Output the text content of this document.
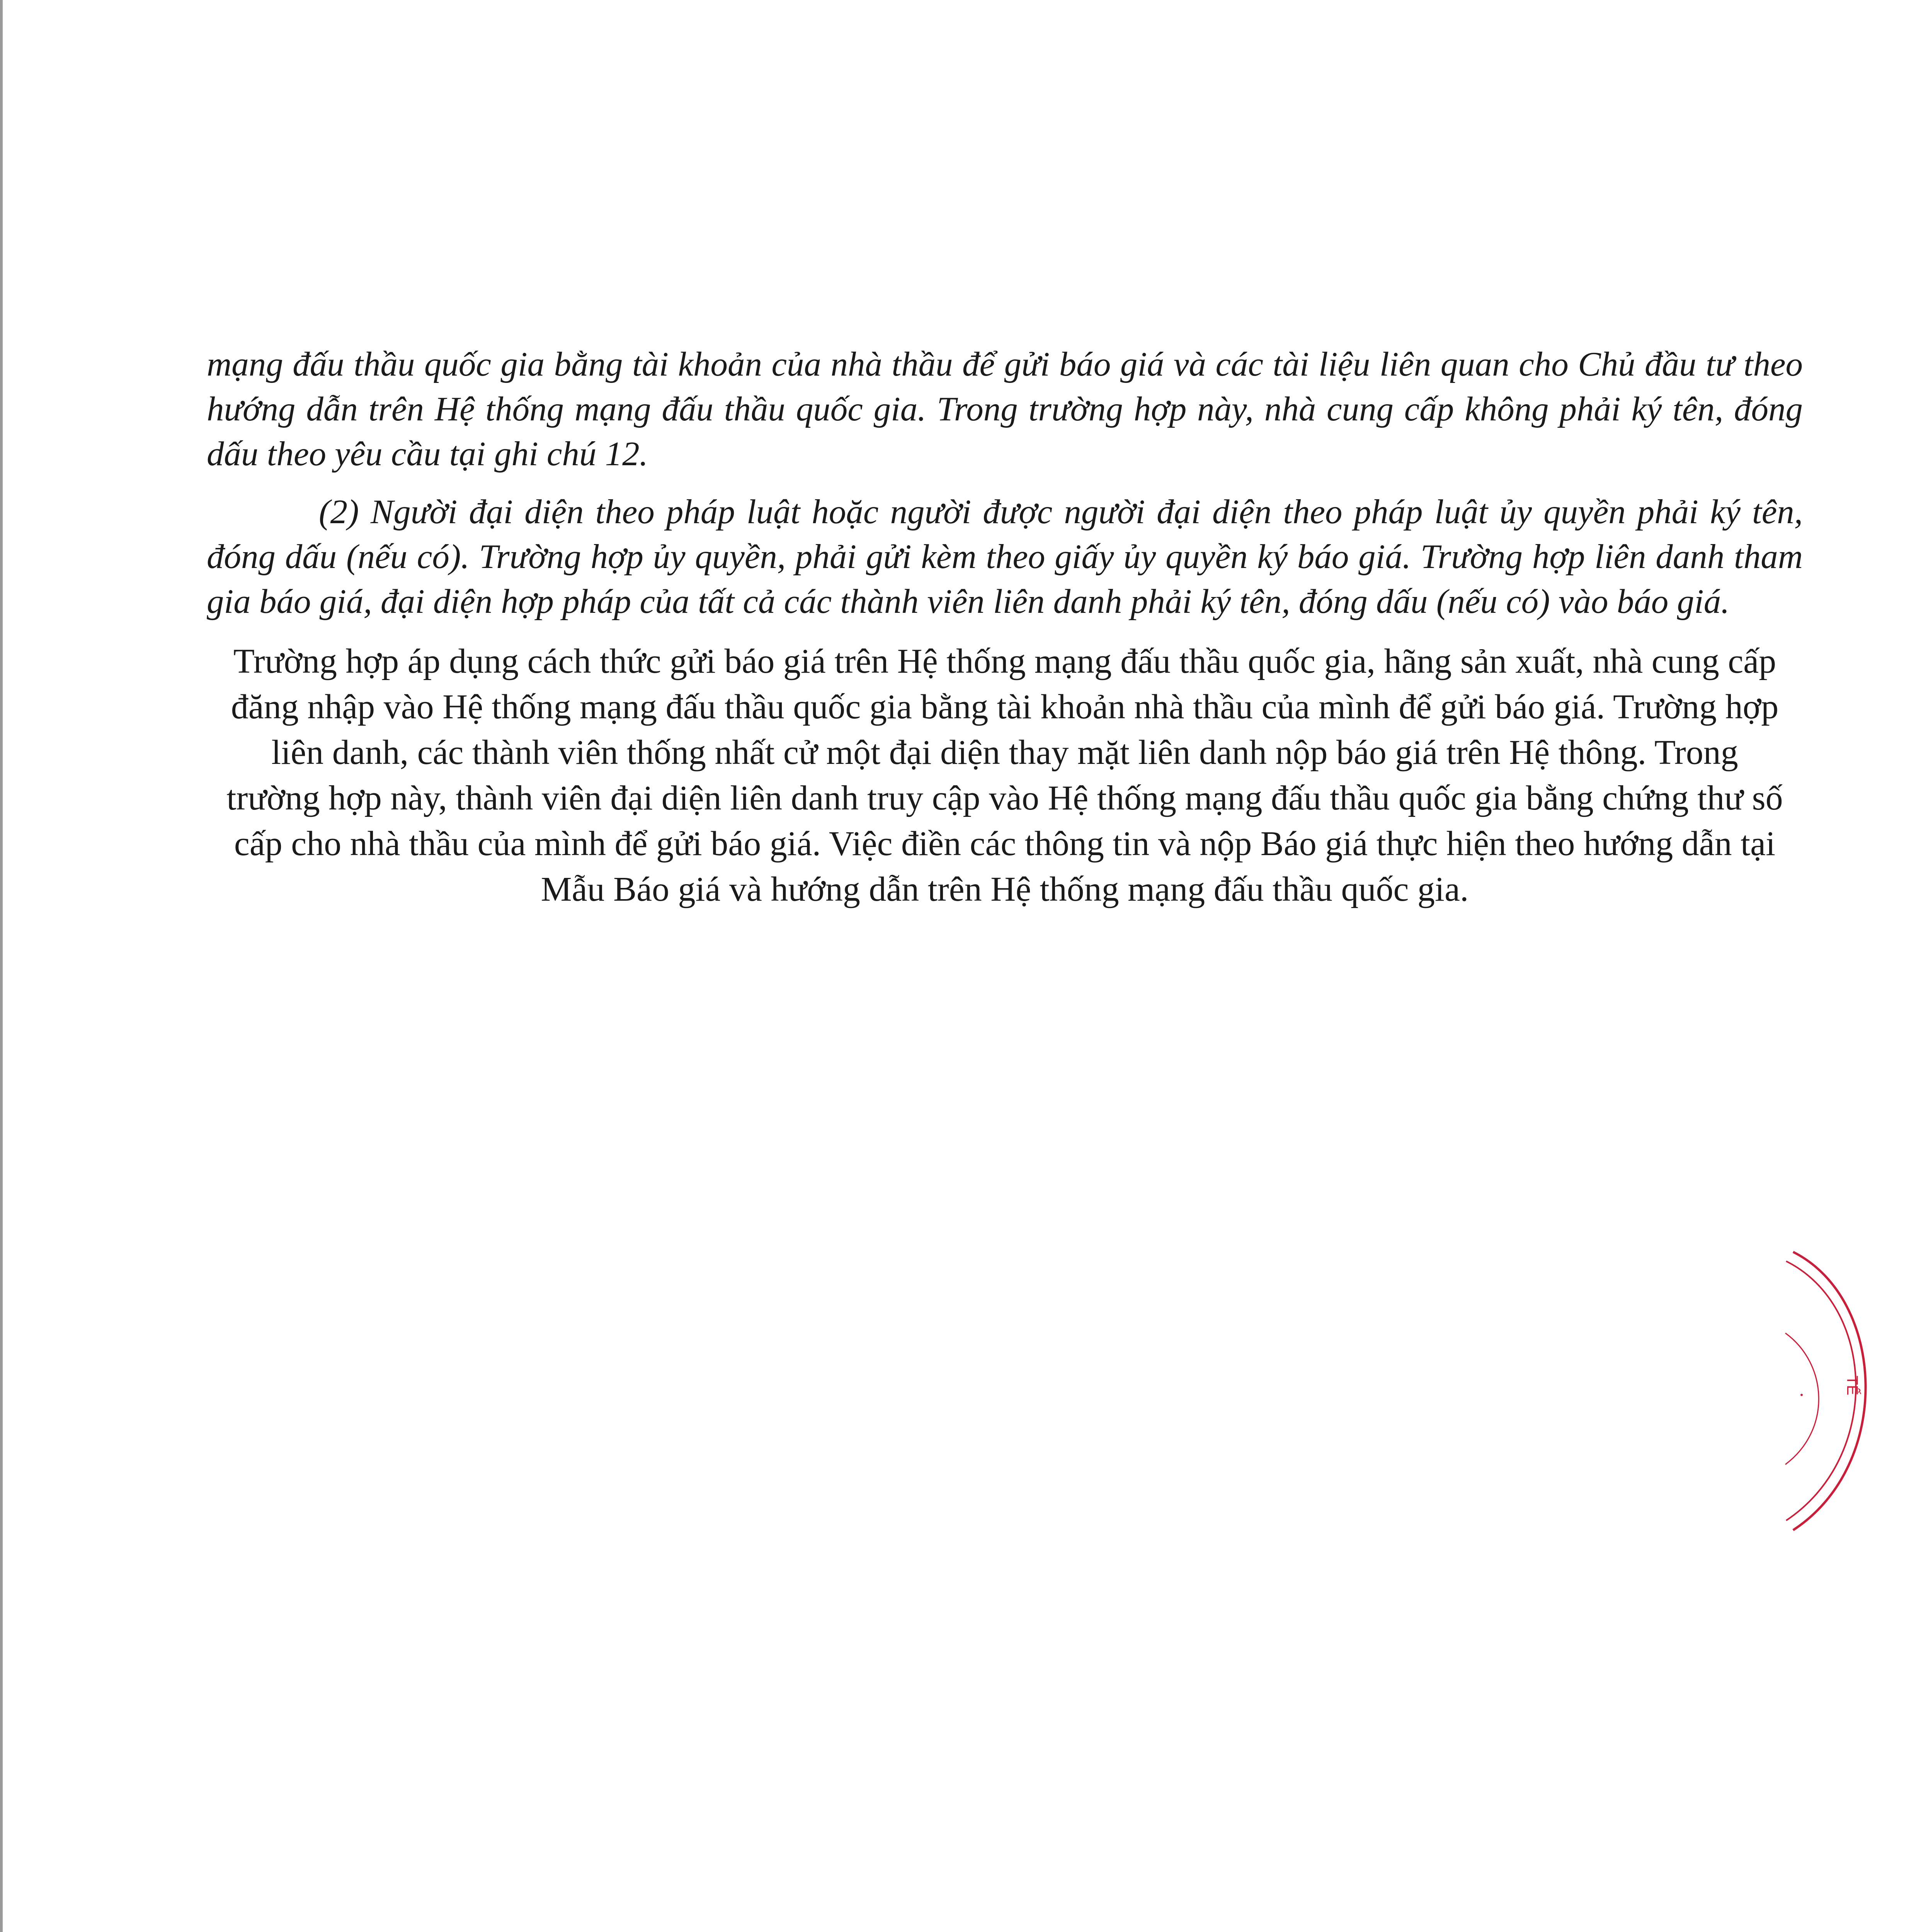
mạng đấu thầu quốc gia bằng tài khoản của nhà thầu để gửi báo giá và các tài liệu liên quan cho Chủ đầu tư theo hướng dẫn trên Hệ thống mạng đấu thầu quốc gia. Trong trường hợp này, nhà cung cấp không phải ký tên, đóng dấu theo yêu cầu tại ghi chú 12.

(2) Người đại diện theo pháp luật hoặc người được người đại diện theo pháp luật ủy quyền phải ký tên, đóng dấu (nếu có). Trường hợp ủy quyền, phải gửi kèm theo giấy ủy quyền ký báo giá. Trường hợp liên danh tham gia báo giá, đại diện hợp pháp của tất cả các thành viên liên danh phải ký tên, đóng dấu (nếu có) vào báo giá.

Trường hợp áp dụng cách thức gửi báo giá trên Hệ thống mạng đấu thầu quốc gia, hãng sản xuất, nhà cung cấp đăng nhập vào Hệ thống mạng đấu thầu quốc gia bằng tài khoản nhà thầu của mình để gửi báo giá. Trường hợp liên danh, các thành viên thống nhất cử một đại diện thay mặt liên danh nộp báo giá trên Hệ thông. Trong trường hợp này, thành viên đại diện liên danh truy cập vào Hệ thống mạng đấu thầu quốc gia bằng chứng thư số cấp cho nhà thầu của mình để gửi báo giá. Việc điền các thông tin và nộp Báo giá thực hiện theo hướng dẫn tại Mẫu Báo giá và hướng dẫn trên Hệ thống mạng đấu thầu quốc gia.

TẾ
